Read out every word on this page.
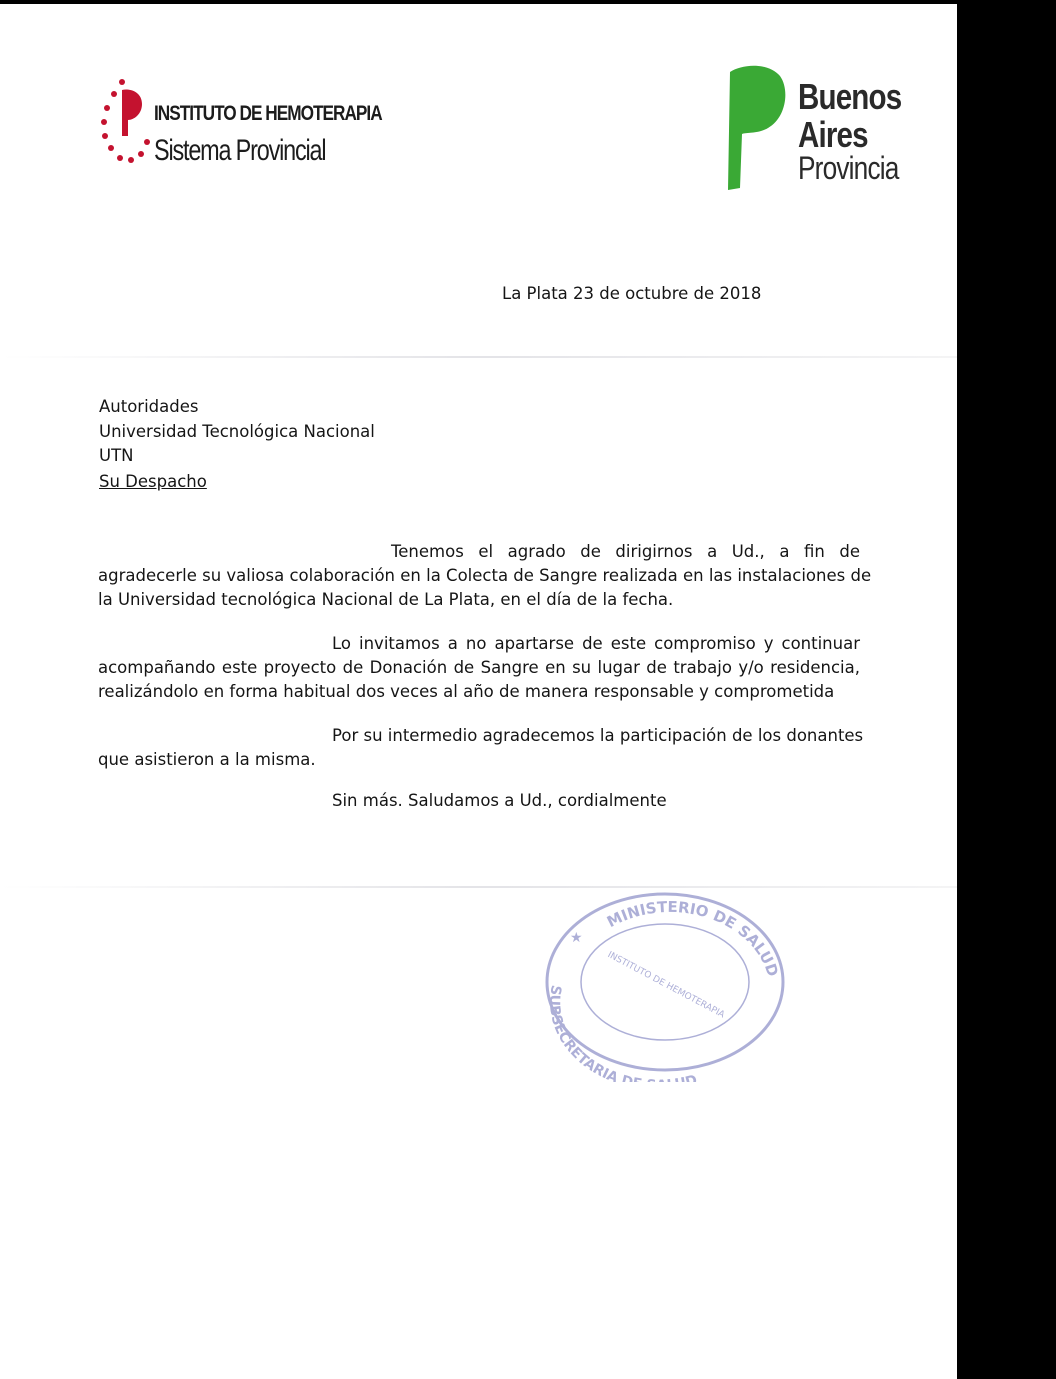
INSTITUTO DE HEMOTERAPIA
Sistema Provincial
Buenos
Aires
Provincia
La Plata 23 de octubre de 2018
Autoridades
Universidad Tecnológica Nacional
UTN
Su Despacho
Tenemos el agrado de dirigirnos a Ud., a fin de
agradecerle su valiosa colaboración en la Colecta de Sangre realizada en las instalaciones de
la Universidad tecnológica Nacional de La Plata, en el día de la fecha.
Lo invitamos a no apartarse de este compromiso y continuar
acompañando este proyecto de Donación de Sangre en su lugar de trabajo y/o residencia,
realizándolo en forma habitual dos veces al año de manera responsable y comprometida
Por su intermedio agradecemos la participación de los donantes
que asistieron a la misma.
Sin más. Saludamos a Ud., cordialmente
MINISTERIO DE SALUD
SUBSECRETARIA D D
INSTITUTO DE HEMOTERAPIA
★
